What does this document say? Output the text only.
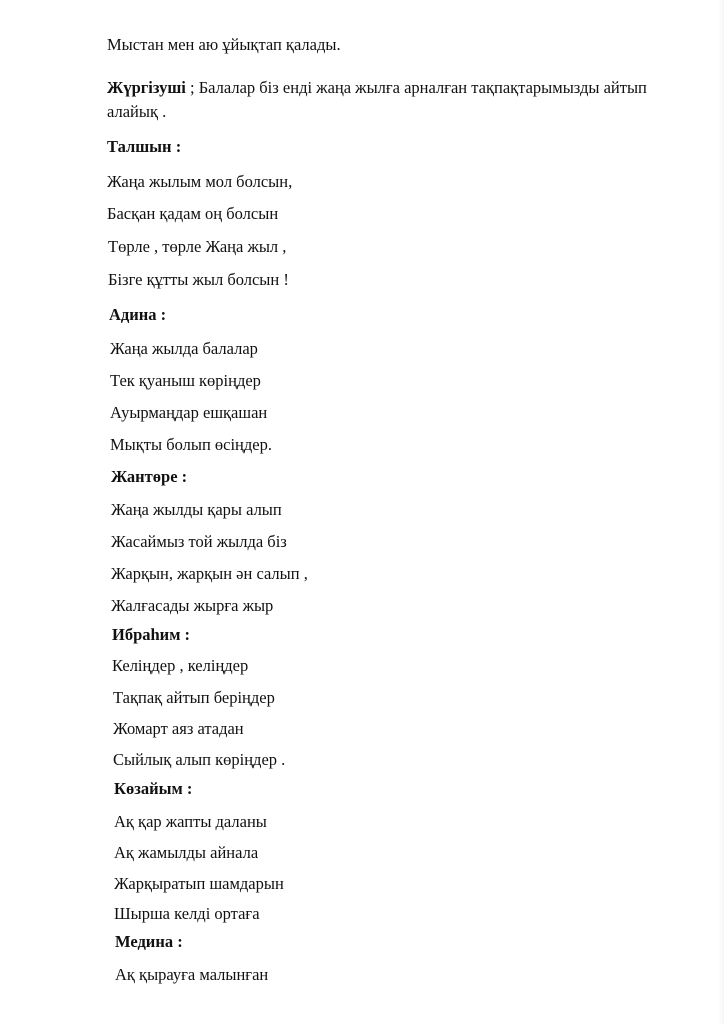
Мыстан мен аю ұйықтап қалады.
Жүргізуші ; Балалар біз енді жаңа жылға арналған тақпақтарымызды айтып
алайық .
Талшын :
Жаңа жылым мол болсын,
Басқан қадам оң болсын
Төрле , төрле Жаңа жыл ,
Бізге құтты жыл болсын !
Адина :
Жаңа жылда балалар
Тек қуаныш көріңдер
Ауырмаңдар ешқашан
Мықты болып өсіңдер.
Жантөре :
Жаңа жылды қары алып
Жасаймыз той жылда біз
Жарқын, жарқын ән салып ,
Жалғасады жырға жыр
Ибраһим :
Келіңдер , келіңдер
Тақпақ айтып беріңдер
Жомарт аяз атадан
Сыйлық алып көріңдер .
Көзайым :
Ақ қар жапты даланы
Ақ жамылды айнала
Жарқыратып шамдарын
Шырша келді ортаға
Медина :
Ақ қырауға малынған
